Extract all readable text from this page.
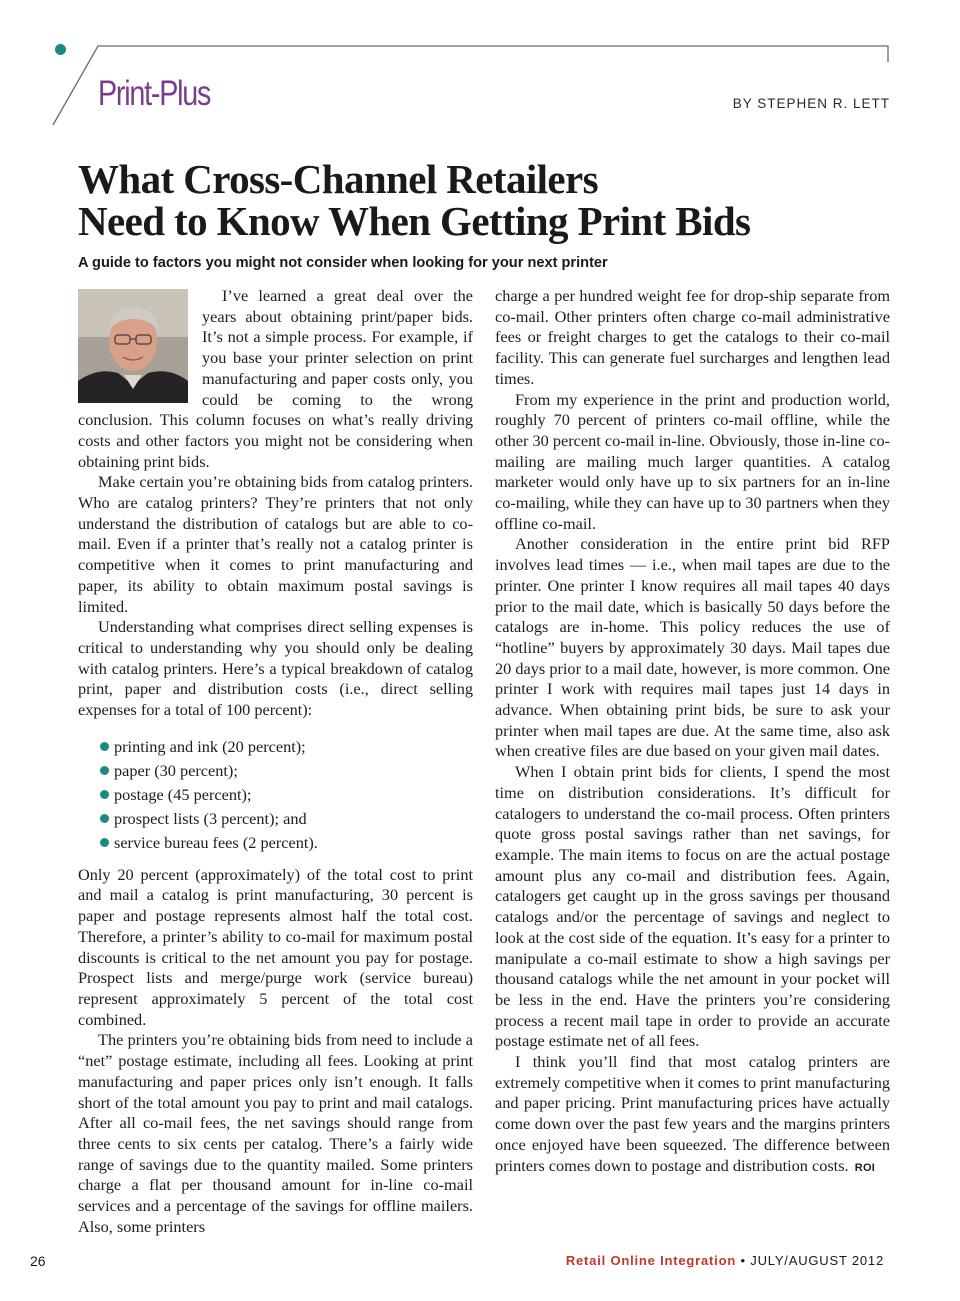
Print-Plus	BY STEPHEN R. LETT
What Cross-Channel Retailers
Need to Know When Getting Print Bids
A guide to factors you might not consider when looking for your next printer

I’ve learned a great deal over the years about obtaining print/paper bids. It’s not a simple process. For example, if you base your printer selection on print manufacturing and paper costs only, you could be coming to the wrong conclusion. This column focuses on what’s really driving costs and other factors you might not be considering when obtaining print bids.

Make certain you’re obtaining bids from catalog printers. Who are catalog printers? They’re printers that not only understand the distribution of catalogs but are able to co-mail. Even if a printer that’s really not a catalog printer is competitive when it comes to print manufacturing and paper, its ability to obtain maximum postal savings is limited.

Understanding what comprises direct selling expenses is critical to understanding why you should only be dealing with catalog printers. Here’s a typical breakdown of catalog print, paper and distribution costs (i.e., direct selling expenses for a total of 100 percent):

printing and ink (20 percent);
paper (30 percent);
postage (45 percent);
prospect lists (3 percent); and
service bureau fees (2 percent).

Only 20 percent (approximately) of the total cost to print and mail a catalog is print manufacturing, 30 percent is paper and postage represents almost half the total cost. Therefore, a printer’s ability to co-mail for maximum postal discounts is critical to the net amount you pay for postage. Prospect lists and merge/purge work (service bureau) represent approximately 5 percent of the total cost combined.

The printers you’re obtaining bids from need to include a “net” postage estimate, including all fees. Looking at print manufacturing and paper prices only isn’t enough. It falls short of the total amount you pay to print and mail catalogs. After all co-mail fees, the net savings should range from three cents to six cents per catalog. There’s a fairly wide range of savings due to the quantity mailed. Some printers charge a flat per thousand amount for in-line co-mail services and a percentage of the savings for offline mailers. Also, some printers

charge a per hundred weight fee for drop-ship separate from co-mail. Other printers often charge co-mail administrative fees or freight charges to get the catalogs to their co-mail facility. This can generate fuel surcharges and lengthen lead times.

From my experience in the print and production world, roughly 70 percent of printers co-mail offline, while the other 30 percent co-mail in-line. Obviously, those in-line co-mailing are mailing much larger quantities. A catalog marketer would only have up to six partners for an in-line co-mailing, while they can have up to 30 partners when they offline co-mail.

Another consideration in the entire print bid RFP involves lead times — i.e., when mail tapes are due to the printer. One printer I know requires all mail tapes 40 days prior to the mail date, which is basically 50 days before the catalogs are in-home. This policy reduces the use of “hotline” buyers by approximately 30 days. Mail tapes due 20 days prior to a mail date, however, is more common. One printer I work with requires mail tapes just 14 days in advance. When obtaining print bids, be sure to ask your printer when mail tapes are due. At the same time, also ask when creative files are due based on your given mail dates.

When I obtain print bids for clients, I spend the most time on distribution considerations. It’s difficult for catalogers to understand the co-mail process. Often printers quote gross postal savings rather than net savings, for example. The main items to focus on are the actual postage amount plus any co-mail and distribution fees. Again, catalogers get caught up in the gross savings per thousand catalogs and/or the percentage of savings and neglect to look at the cost side of the equation. It’s easy for a printer to manipulate a co-mail estimate to show a high savings per thousand catalogs while the net amount in your pocket will be less in the end. Have the printers you’re considering process a recent mail tape in order to provide an accurate postage estimate net of all fees.

I think you’ll find that most catalog printers are extremely competitive when it comes to print manufacturing and paper pricing. Print manufacturing prices have actually come down over the past few years and the margins printers once enjoyed have been squeezed. The difference between printers comes down to postage and distribution costs. ROI

26	Retail Online Integration • JULY/AUGUST 2012
